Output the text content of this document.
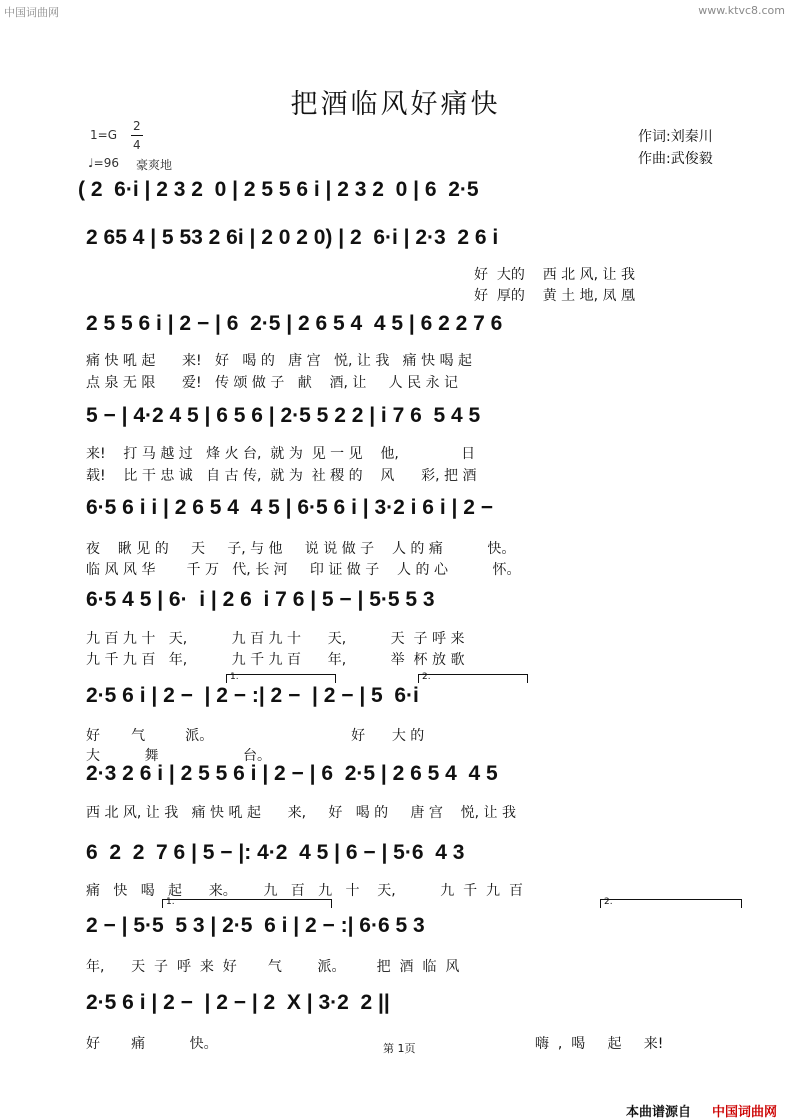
中国词曲网	www.ktvc8.com
把酒临风好痛快
1=G
2
4
♩=96 豪爽地
作词:刘秦川
作曲:武俊毅
( 2  6·i | 2 3 2  0 | 2 5 5 6 i | 2 3 2  0 | 6  2·5
2 65 4 | 5 53 2 6i | 2 0 2 0) | 2  6·i | 2·3  2 6 i
好  大的    西 北 风, 让 我
好  厚的    黄 土 地, 凤 凰
2 5 5 6 i | 2 − | 6  2·5 | 2 6 5 4  4 5 | 6 2 2 7 6
痛 快 吼 起      来!   好   喝 的   唐 宫   悦, 让 我   痛 快 喝 起
点 泉 无 限      爱!   传 颂 做 子   献    酒, 让     人 民 永 记
5 − | 4·2 4 5 | 6 5 6 | 2·5 5 2 2 | i 7 6  5 4 5
来!    打 马 越 过   烽 火 台,  就 为  见 一 见    他,              日
载!    比 干 忠 诚   自 古 传,  就 为  社 稷 的    风      彩, 把 酒
6·5 6 i i | 2 6 5 4  4 5 | 6·5 6 i | 3·2 i 6 i | 2 −
夜    瞅 见 的     天     子, 与 他     说 说 做 子    人 的 痛          快。
临 风 风 华       千 万   代, 长 河     印 证 做 子    人 的 心          怀。
6·5 4 5 | 6·  i | 2 6  i 7 6 | 5 − | 5·5 5 3
九 百 九 十   天,          九 百 九 十      天,          天  子 呼 来
九 千 九 百   年,          九 千 九 百      年,          举  杯 放 歌
1.	2.
2·5 6 i | 2 −  | 2 − :| 2 −  | 2 − | 5  6·i
好       气         派。                               好      大 的
大          舞                   台。
2·3 2 6 i | 2 5 5 6 i | 2 − | 6  2·5 | 2 6 5 4  4 5
西 北 风, 让 我   痛 快 吼 起      来,     好   喝 的     唐 宫    悦, 让 我
6  2  2  7 6 | 5 − |: 4·2  4 5 | 6 − | 5·6  4 3
痛   快   喝   起      来。      九   百   九   十    天,          九  千  九  百
1.	2.
2 − | 5·5  5 3 | 2·5  6 i | 2 − :| 6·6 5 3
年,      天  子  呼  来  好       气        派。       把  酒  临  风
2·5 6 i | 2 −  | 2 − | 2  X | 3·2  2 ||
好       痛          快。	嗨  ,  喝     起     来!
第 1页
本曲谱源自 中国词曲网
